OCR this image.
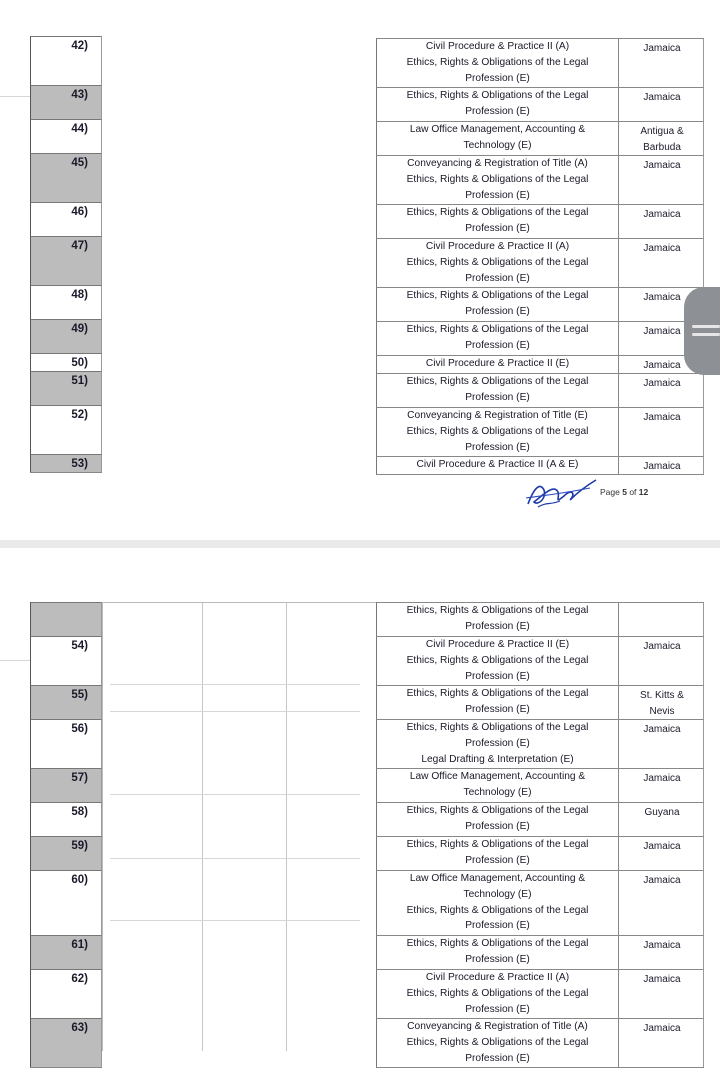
42)
43)
44)
45)
46)
47)
48)
49)
50)
51)
52)
53)
Civil Procedure & Practice II (A)
Ethics, Rights & Obligations of the Legal
Profession (E)
Jamaica
Ethics, Rights & Obligations of the Legal
Profession (E)
Jamaica
Law Office Management, Accounting &
Technology (E)
Antigua &
Barbuda
Conveyancing & Registration of Title (A)
Ethics, Rights & Obligations of the Legal
Profession (E)
Jamaica
Ethics, Rights & Obligations of the Legal
Profession (E)
Jamaica
Civil Procedure & Practice II (A)
Ethics, Rights & Obligations of the Legal
Profession (E)
Jamaica
Ethics, Rights & Obligations of the Legal
Profession (E)
Jamaica
Ethics, Rights & Obligations of the Legal
Profession (E)
Jamaica
Civil Procedure & Practice II (E)	Jamaica
Ethics, Rights & Obligations of the Legal
Profession (E)
Jamaica
Conveyancing & Registration of Title (E)
Ethics, Rights & Obligations of the Legal
Profession (E)
Jamaica
Civil Procedure & Practice II (A & E)	Jamaica
Page 5 of 12
54)
55)
56)
57)
58)
59)
60)
61)
62)
63)
Ethics, Rights & Obligations of the Legal
Profession (E)
Civil Procedure & Practice II (E)
Ethics, Rights & Obligations of the Legal
Profession (E)
Jamaica
Ethics, Rights & Obligations of the Legal
Profession (E)
St. Kitts &
Nevis
Ethics, Rights & Obligations of the Legal
Profession (E)
Legal Drafting & Interpretation (E)
Jamaica
Law Office Management, Accounting &
Technology (E)
Jamaica
Ethics, Rights & Obligations of the Legal
Profession (E)
Guyana
Ethics, Rights & Obligations of the Legal
Profession (E)
Jamaica
Law Office Management, Accounting &
Technology (E)
Ethics, Rights & Obligations of the Legal
Profession (E)
Jamaica
Ethics, Rights & Obligations of the Legal
Profession (E)
Jamaica
Civil Procedure & Practice II (A)
Ethics, Rights & Obligations of the Legal
Profession (E)
Jamaica
Conveyancing & Registration of Title (A)
Ethics, Rights & Obligations of the Legal
Profession (E)
Jamaica
